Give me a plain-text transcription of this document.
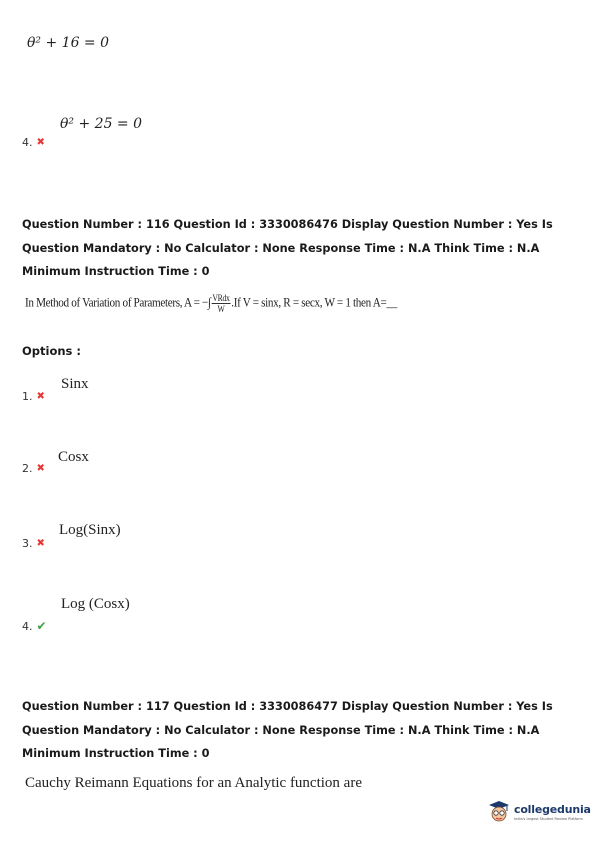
θ² + 16 = 0
θ² + 25 = 0
4. ✖
Question Number : 116 Question Id : 3330086476 Display Question Number : Yes Is Question Mandatory : No Calculator : None Response Time : N.A Think Time : N.A Minimum Instruction Time : 0
In Method of Variation of Parameters, A = −∫ $\frac{\text{VRdx}}{W} .If$ V = sinx, R = secx, W = 1 then A=__
Options :
Sinx
1. ✖
Cosx
2. ✖
Log(Sinx)
3. ✖
Log (Cosx)
4. ✔
Question Number : 117 Question Id : 3330086477 Display Question Number : Yes Is Question Mandatory : No Calculator : None Response Time : N.A Think Time : N.A Minimum Instruction Time : 0
Cauchy Reimann Equations for an Analytic function are
collegedunia
India's largest Student Review Platform
